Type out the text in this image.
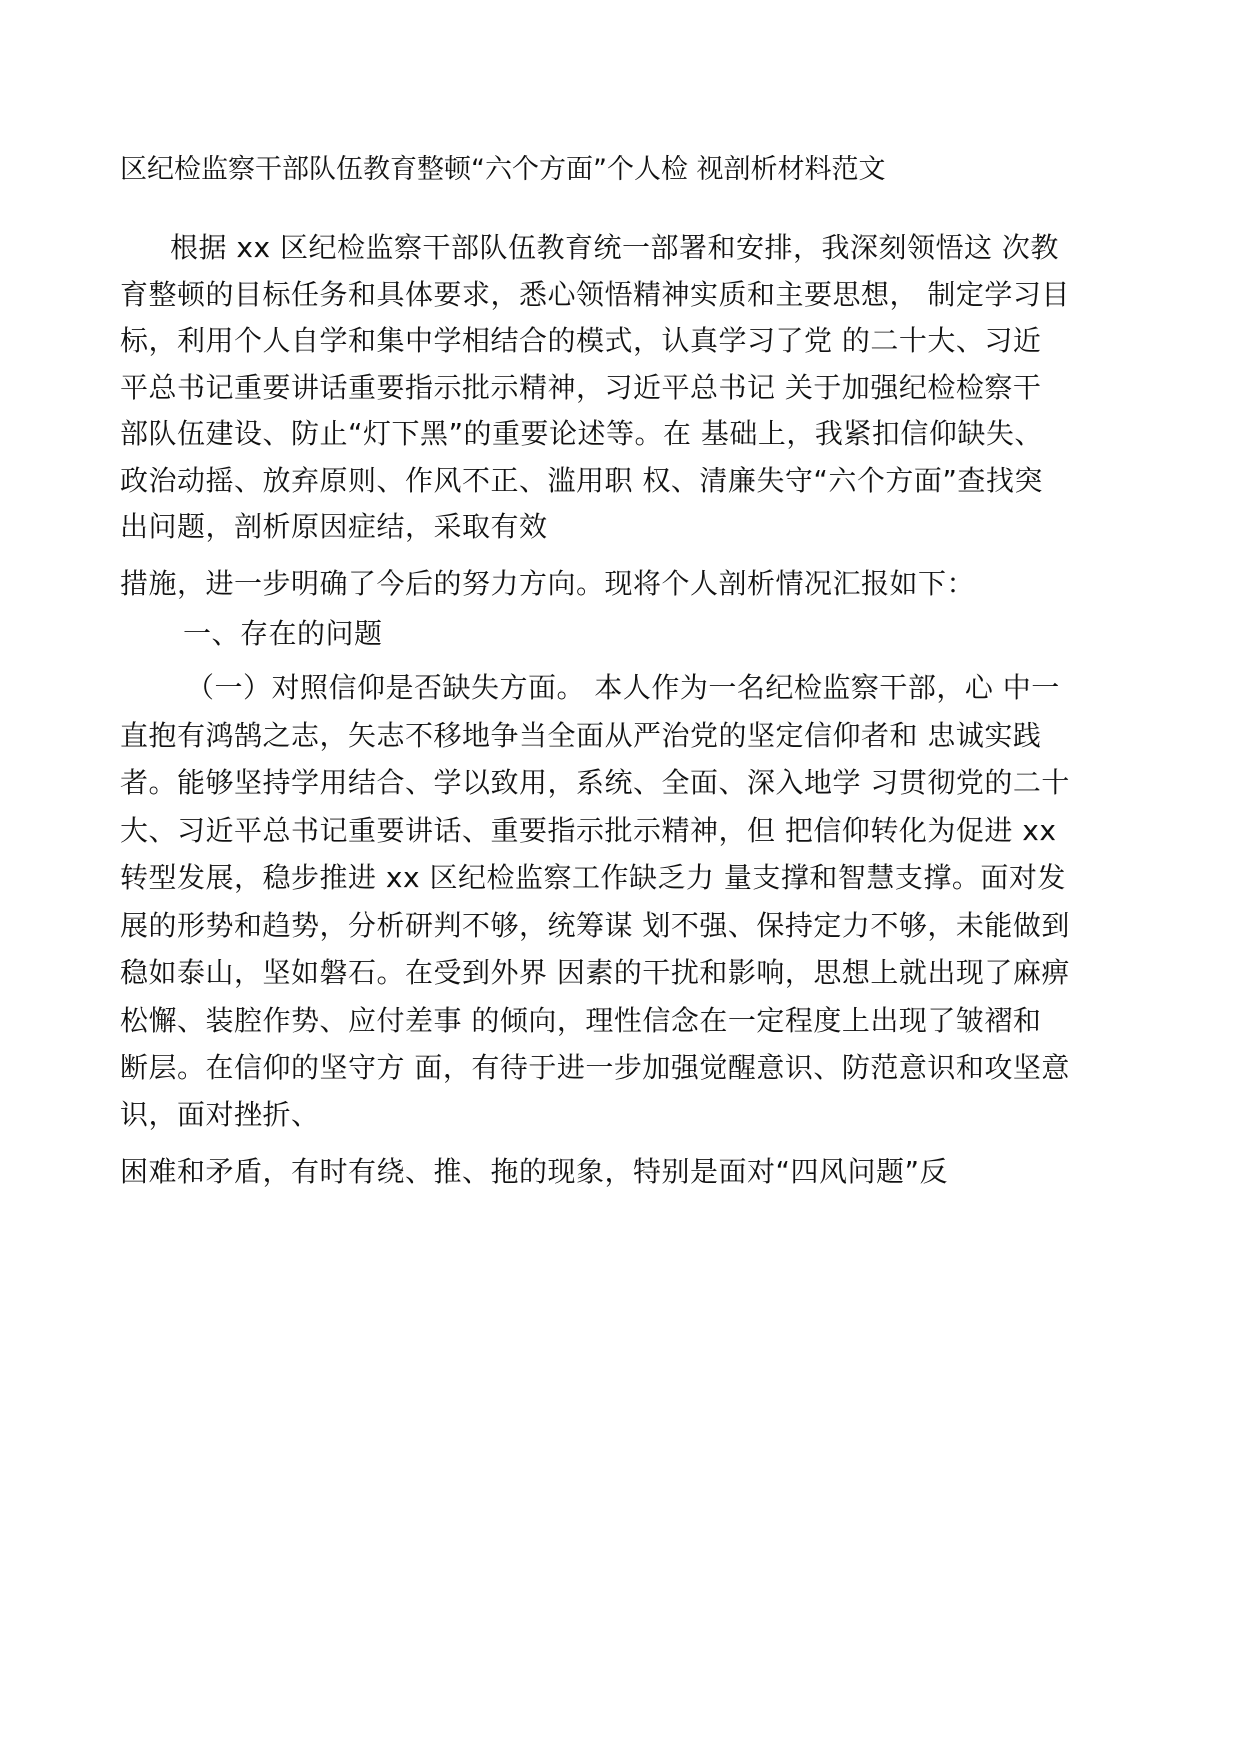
区纪检监察干部队伍教育整顿“六个方面”个人检 视剖析材料范文

根据 xx 区纪检监察干部队伍教育统一部署和安排，我深刻领悟这 次教

育整顿的目标任务和具体要求，悉心领悟精神实质和主要思想， 制定学习目

标，利用个人自学和集中学相结合的模式，认真学习了党 的二十大、习近

平总书记重要讲话重要指示批示精神，习近平总书记 关于加强纪检检察干

部队伍建设、防止“灯下黑”的重要论述等。在 基础上，我紧扣信仰缺失、

政治动摇、放弃原则、作风不正、滥用职 权、清廉失守“六个方面”查找突

出问题，剖析原因症结，采取有效

措施，进一步明确了今后的努力方向。现将个人剖析情况汇报如下：

一、存在的问题

（一）对照信仰是否缺失方面。 本人作为一名纪检监察干部，心 中一

直抱有鸿鹄之志，矢志不移地争当全面从严治党的坚定信仰者和 忠诚实践

者。能够坚持学用结合、学以致用，系统、全面、深入地学 习贯彻党的二十

大、习近平总书记重要讲话、重要指示批示精神，但 把信仰转化为促进 xx

转型发展，稳步推进 xx 区纪检监察工作缺乏力 量支撑和智慧支撑。面对发

展的形势和趋势，分析研判不够，统筹谋 划不强、保持定力不够，未能做到

稳如泰山，坚如磐石。在受到外界 因素的干扰和影响，思想上就出现了麻痹

松懈、装腔作势、应付差事 的倾向，理性信念在一定程度上出现了皱褶和

断层。在信仰的坚守方 面，有待于进一步加强觉醒意识、防范意识和攻坚意

识，面对挫折、

困难和矛盾，有时有绕、推、拖的现象，特别是面对“四风问题”反
